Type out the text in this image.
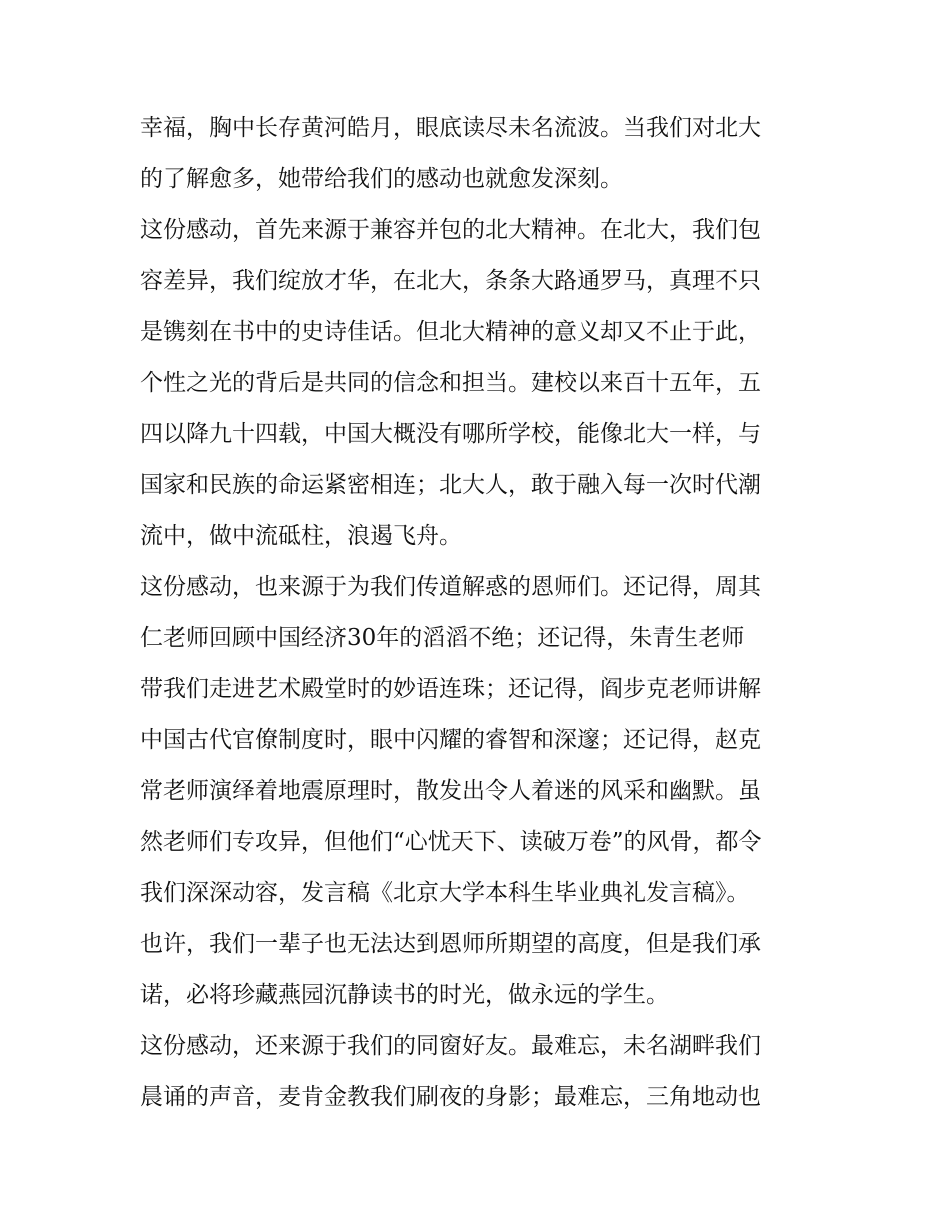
幸福，胸中长存黄河皓月，眼底读尽未名流波。当我们对北大
的了解愈多，她带给我们的感动也就愈发深刻。
这份感动，首先来源于兼容并包的北大精神。在北大，我们包
容差异，我们绽放才华，在北大，条条大路通罗马，真理不只
是镌刻在书中的史诗佳话。但北大精神的意义却又不止于此，
个性之光的背后是共同的信念和担当。建校以来百十五年，五
四以降九十四载，中国大概没有哪所学校，能像北大一样，与
国家和民族的命运紧密相连；北大人，敢于融入每一次时代潮
流中，做中流砥柱，浪遏飞舟。
这份感动，也来源于为我们传道解惑的恩师们。还记得，周其
仁老师回顾中国经济30年的滔滔不绝；还记得，朱青生老师
带我们走进艺术殿堂时的妙语连珠；还记得，阎步克老师讲解
中国古代官僚制度时，眼中闪耀的睿智和深邃；还记得，赵克
常老师演绎着地震原理时，散发出令人着迷的风采和幽默。虽
然老师们专攻异，但他们“心忧天下、读破万卷”的风骨，都令
我们深深动容，发言稿《北京大学本科生毕业典礼发言稿》。
也许，我们一辈子也无法达到恩师所期望的高度，但是我们承
诺，必将珍藏燕园沉静读书的时光，做永远的学生。
这份感动，还来源于我们的同窗好友。最难忘，未名湖畔我们
晨诵的声音，麦肯金教我们刷夜的身影；最难忘，三角地动也
